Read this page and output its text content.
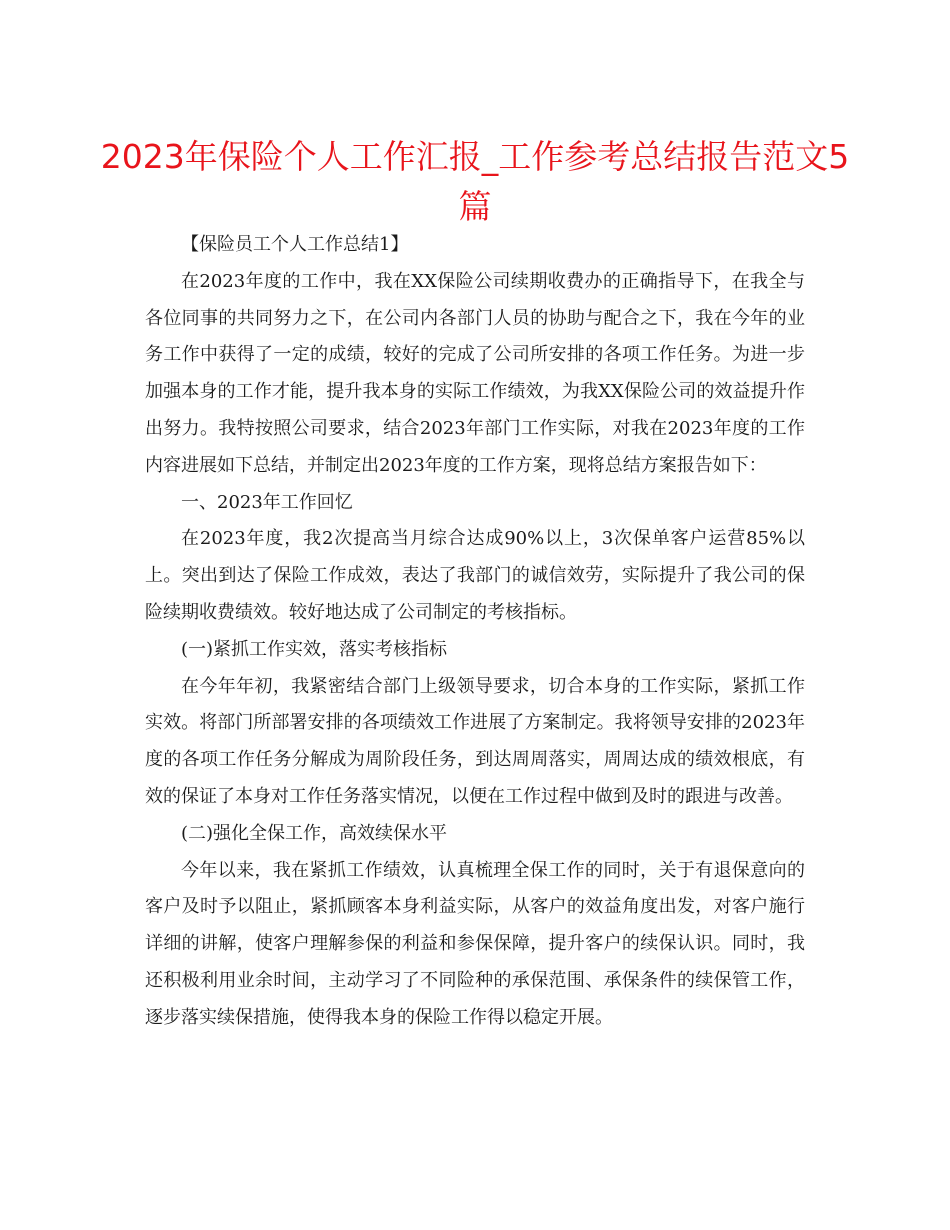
2023年保险个人工作汇报_工作参考总结报告范文5篇

【保险员工个人工作总结1】

在2023年度的工作中，我在XX保险公司续期收费办的正确指导下，在我全与各位同事的共同努力之下，在公司内各部门人员的协助与配合之下，我在今年的业务工作中获得了一定的成绩，较好的完成了公司所安排的各项工作任务。为进一步加强本身的工作才能，提升我本身的实际工作绩效，为我XX保险公司的效益提升作出努力。我特按照公司要求，结合2023年部门工作实际，对我在2023年度的工作内容进展如下总结，并制定出2023年度的工作方案，现将总结方案报告如下：

一、2023年工作回忆

在2023年度，我2次提高当月综合达成90%以上，3次保单客户运营85%以上。突出到达了保险工作成效，表达了我部门的诚信效劳，实际提升了我公司的保险续期收费绩效。较好地达成了公司制定的考核指标。

(一)紧抓工作实效，落实考核指标

在今年年初，我紧密结合部门上级领导要求，切合本身的工作实际，紧抓工作实效。将部门所部署安排的各项绩效工作进展了方案制定。我将领导安排的2023年度的各项工作任务分解成为周阶段任务，到达周周落实，周周达成的绩效根底，有效的保证了本身对工作任务落实情况，以便在工作过程中做到及时的跟进与改善。

(二)强化全保工作，高效续保水平

今年以来，我在紧抓工作绩效，认真梳理全保工作的同时，关于有退保意向的客户及时予以阻止，紧抓顾客本身利益实际，从客户的效益角度出发，对客户施行详细的讲解，使客户理解参保的利益和参保保障，提升客户的续保认识。同时，我还积极利用业余时间，主动学习了不同险种的承保范围、承保条件的续保管工作，逐步落实续保措施，使得我本身的保险工作得以稳定开展。
